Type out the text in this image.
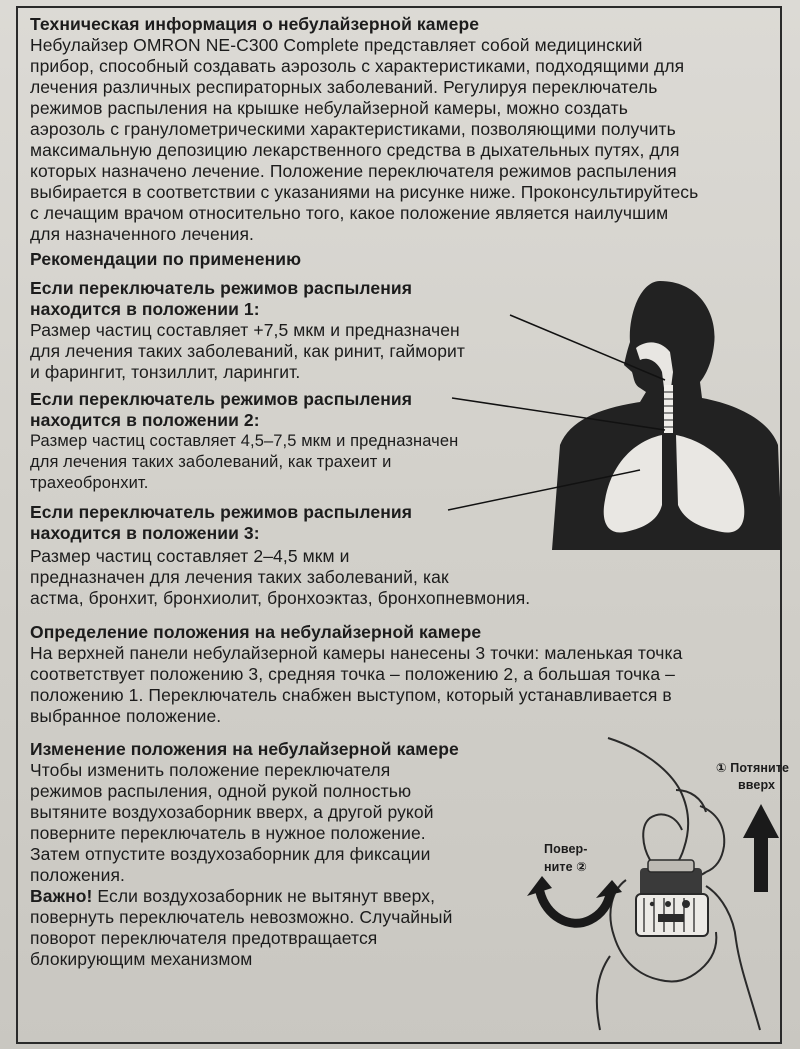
Техническая информация о небулайзерной камере

Небулайзер OMRON NE-C300 Complete представляет собой медицинский
прибор, способный создавать аэрозоль с характеристиками, подходящими для
лечения различных респираторных заболеваний. Регулируя переключатель
режимов распыления на крышке небулайзерной камеры, можно создать
аэрозоль с гранулометрическими характеристиками, позволяющими получить
максимальную депозицию лекарственного средства в дыхательных путях, для
которых назначено лечение. Положение переключателя режимов распыления
выбирается в соответствии с указаниями на рисунке ниже. Проконсультируйтесь
с лечащим врачом относительно того, какое положение является наилучшим
для назначенного лечения.
Рекомендации по применению
Если переключатель режимов распыления
находится в положении 1:
Размер частиц составляет +7,5 мкм и предназначен
для лечения таких заболеваний, как ринит, гайморит
и фарингит, тонзиллит, ларингит.
Если переключатель режимов распыления
находится в положении 2:
Размер частиц составляет 4,5–7,5 мкм и предназначен
для лечения таких заболеваний, как трахеит и
трахеобронхит.
Если переключатель режимов распыления
находится в положении 3:
Размер частиц составляет 2–4,5 мкм и
предназначен для лечения таких заболеваний, как
астма, бронхит, бронхиолит, бронхоэктаз, бронхопневмония.
Определение положения на небулайзерной камере
На верхней панели небулайзерной камеры нанесены 3 точки: маленькая точка
соответствует положению 3, средняя точка – положению 2, а большая точка –
положению 1. Переключатель снабжен выступом, который устанавливается в
выбранное положение.
Изменение положения на небулайзерной камере
Чтобы изменить положение переключателя
режимов распыления, одной рукой полностью
вытяните воздухозаборник вверх, а другой рукой
поверните переключатель в нужное положение.
Затем отпустите воздухозаборник для фиксации
положения.
Важно! Если воздухозаборник не вытянут вверх,
повернуть переключатель невозможно. Случайный
поворот переключателя предотвращается
блокирующим механизмом
① Потяните
вверх
Повер-
ните ②
